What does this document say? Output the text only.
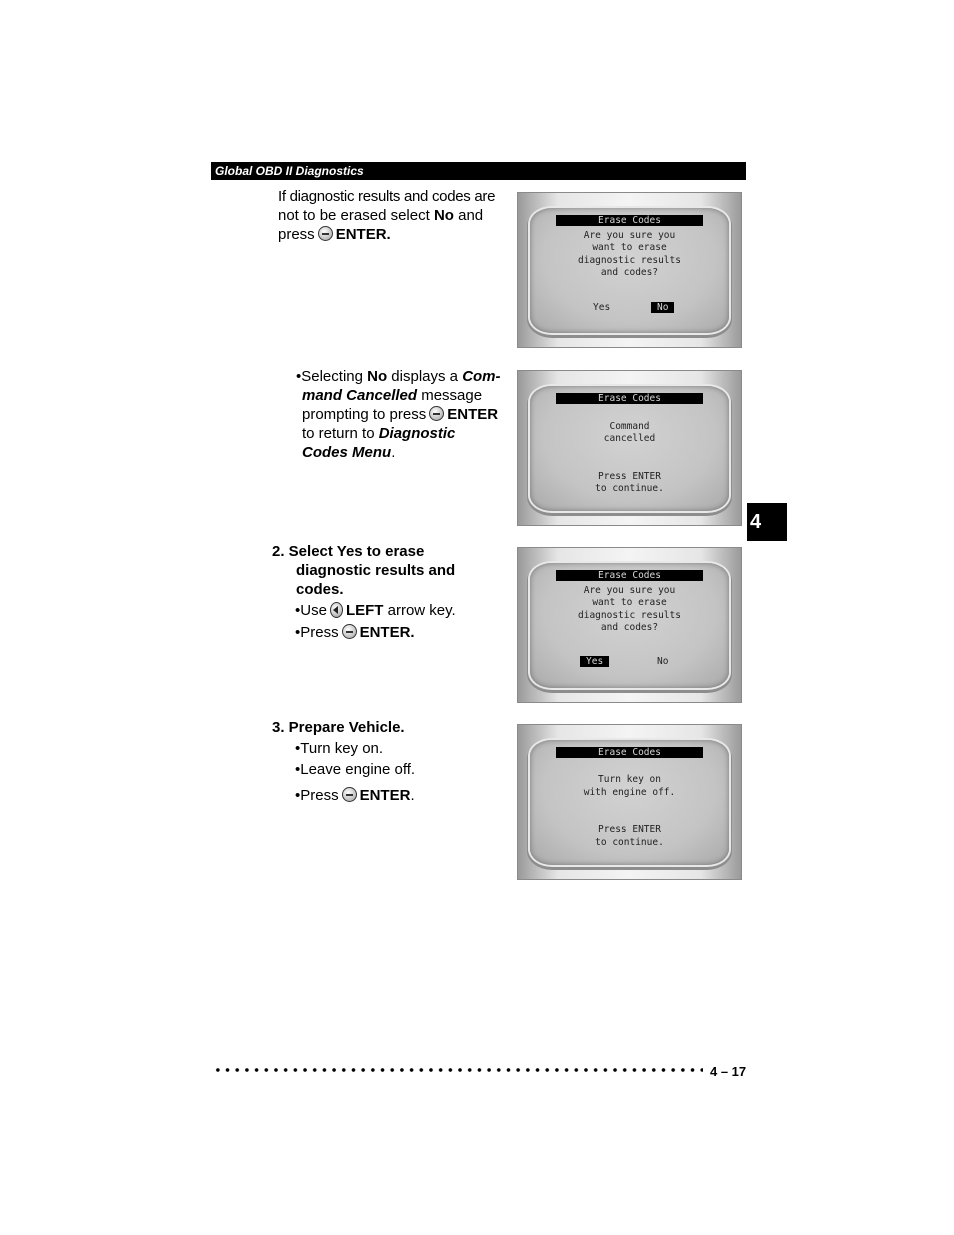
Global OBD II Diagnostics
4
If diagnostic results and codes are
not to be erased select No and
press ENTER.
•Selecting No displays a Com-
mand Cancelled message
prompting to press ENTER
to return to Diagnostic
Codes Menu.
2. Select Yes to erase
diagnostic results and
codes.
•Use LEFT arrow key.
•Press ENTER.
3. Prepare Vehicle.
•Turn key on.
•Leave engine off.
•Press ENTER.
Erase Codes
Are you sure you
want to erase
diagnostic results
and codes?
Yes	No
Erase Codes
Command
cancelled
Press ENTER
to continue.
Erase Codes
Are you sure you
want to erase
diagnostic results
and codes?
Yes	No
Erase Codes
Turn key on
with engine off.
Press ENTER
to continue.
4 – 17
